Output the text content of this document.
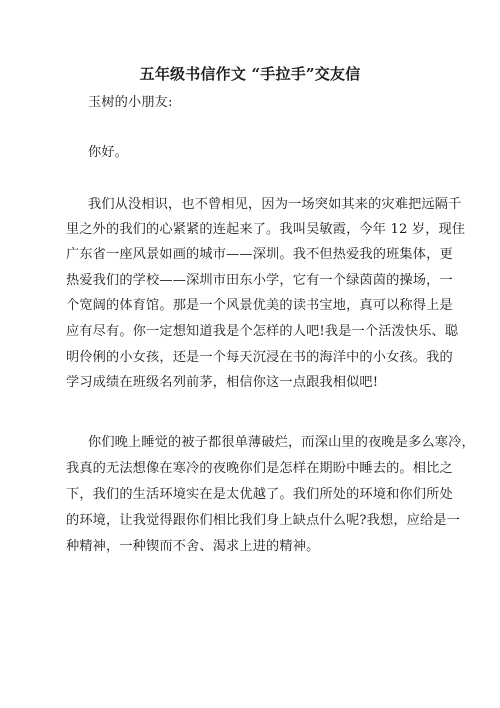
五年级书信作文 “手拉手”交友信
玉树的小朋友:
你好。
我们从没相识，也不曾相见，因为一场突如其来的灾难把远隔千
里之外的我们的心紧紧的连起来了。我叫吴敏霞，今年 12 岁，现住
广东省一座风景如画的城市——深圳。我不但热爱我的班集体，更
热爱我们的学校——深圳市田东小学，它有一个绿茵茵的操场，一
个宽阔的体育馆。那是一个风景优美的读书宝地，真可以称得上是
应有尽有。你一定想知道我是个怎样的人吧!我是一个活泼快乐、聪
明伶俐的小女孩，还是一个每天沉浸在书的海洋中的小女孩。我的
学习成绩在班级名列前茅，相信你这一点跟我相似吧!
你们晚上睡觉的被子都很单薄破烂，而深山里的夜晚是多么寒冷，
我真的无法想像在寒冷的夜晚你们是怎样在期盼中睡去的。相比之
下，我们的生活环境实在是太优越了。我们所处的环境和你们所处
的环境，让我觉得跟你们相比我们身上缺点什么呢?我想，应给是一
种精神，一种锲而不舍、渴求上进的精神。
